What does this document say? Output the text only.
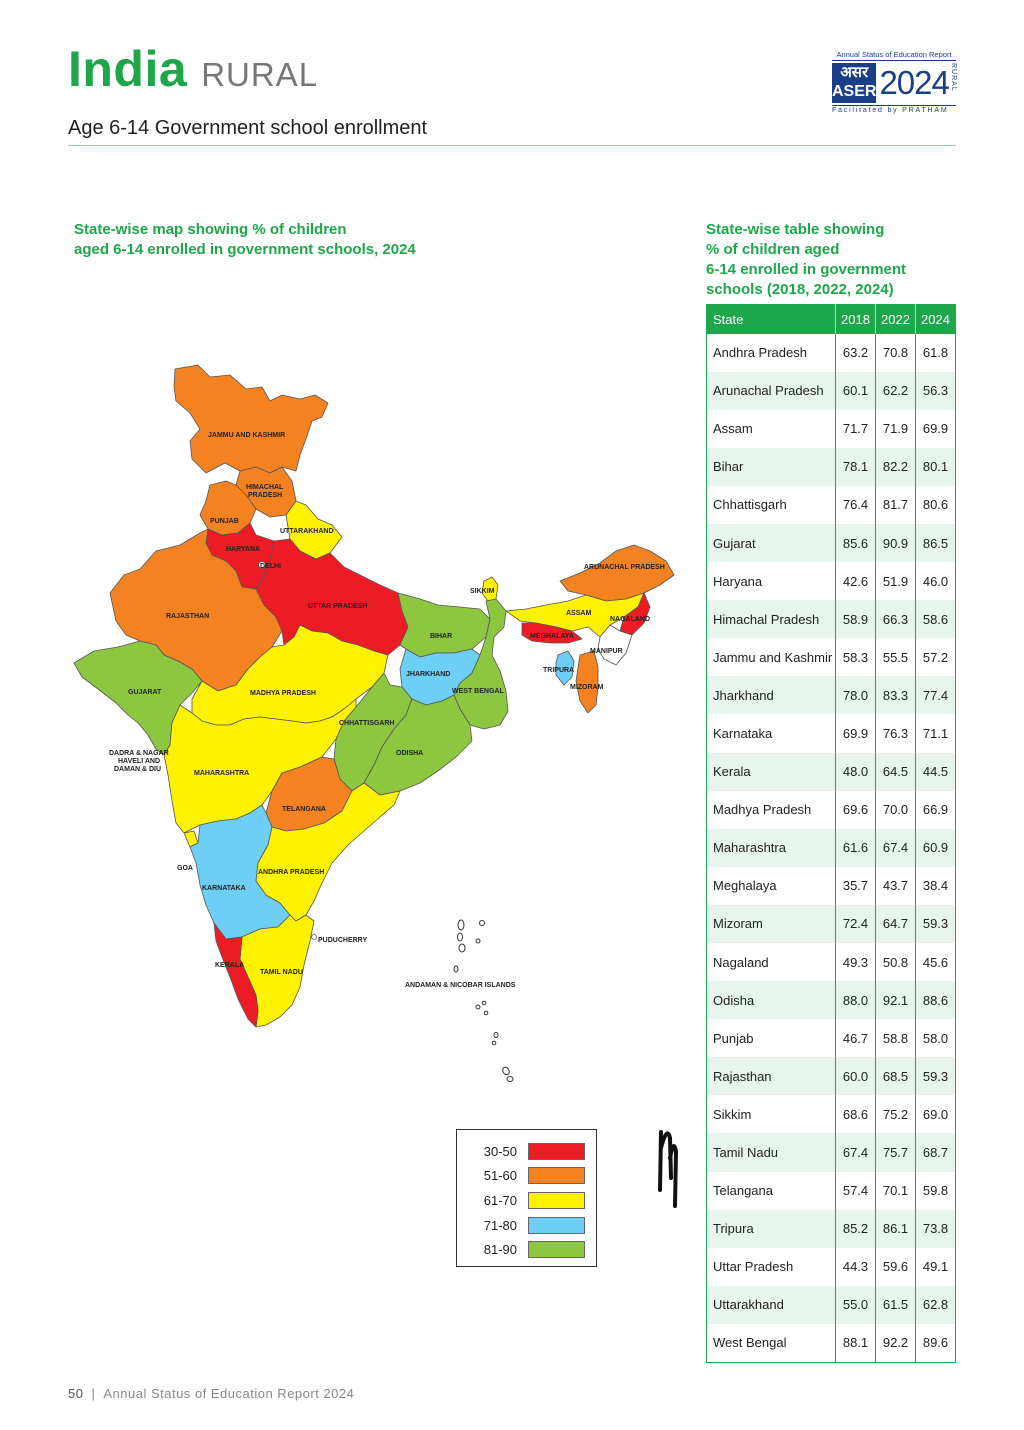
India RURAL
Age 6-14 Government school enrollment
Annual Status of Education Report
असर
ASER 2024 RURAL
Facilitated by PRATHAM
State-wise map showing % of children
aged 6-14 enrolled in government schools, 2024
State-wise table showing
% of children aged
6-14 enrolled in government
schools (2018, 2022, 2024)
JAMMU AND KASHMIR
HIMACHAL
PRADESH
PUNJAB
UTTARAKHAND
HARYANA
DELHI
RAJASTHAN
UTTAR PRADESH
BIHAR
SIKKIM
ARUNACHAL PRADESH
ASSAM
NAGALAND
MEGHALAYA
MANIPUR
TRIPURA
MIZORAM
GUJARAT	MADHYA PRADESH
JHARKHAND
WEST BENGAL
CHHATTISGARH
ODISHA
DADRA & NAGAR
HAVELI AND
DAMAN & DIU
MAHARASHTRA
TELANGANA
GOA
ANDHRA PRADESH
KARNATAKA
PUDUCHERRY
KERALA
TAMIL NADU
ANDAMAN & NICOBAR ISLANDS
30-50
51-60
61-70
71-80
81-90
State	2018	2022	2024
Andhra Pradesh	63.2	70.8	61.8
Arunachal Pradesh	60.1	62.2	56.3
Assam	71.7	71.9	69.9
Bihar	78.1	82.2	80.1
Chhattisgarh	76.4	81.7	80.6
Gujarat	85.6	90.9	86.5
Haryana	42.6	51.9	46.0
Himachal Pradesh	58.9	66.3	58.6
Jammu and Kashmir	58.3	55.5	57.2
Jharkhand	78.0	83.3	77.4
Karnataka	69.9	76.3	71.1
Kerala	48.0	64.5	44.5
Madhya Pradesh	69.6	70.0	66.9
Maharashtra	61.6	67.4	60.9
Meghalaya	35.7	43.7	38.4
Mizoram	72.4	64.7	59.3
Nagaland	49.3	50.8	45.6
Odisha	88.0	92.1	88.6
Punjab	46.7	58.8	58.0
Rajasthan	60.0	68.5	59.3
Sikkim	68.6	75.2	69.0
Tamil Nadu	67.4	75.7	68.7
Telangana	57.4	70.1	59.8
Tripura	85.2	86.1	73.8
Uttar Pradesh	44.3	59.6	49.1
Uttarakhand	55.0	61.5	62.8
West Bengal	88.1	92.2	89.6
50 | Annual Status of Education Report 2024
